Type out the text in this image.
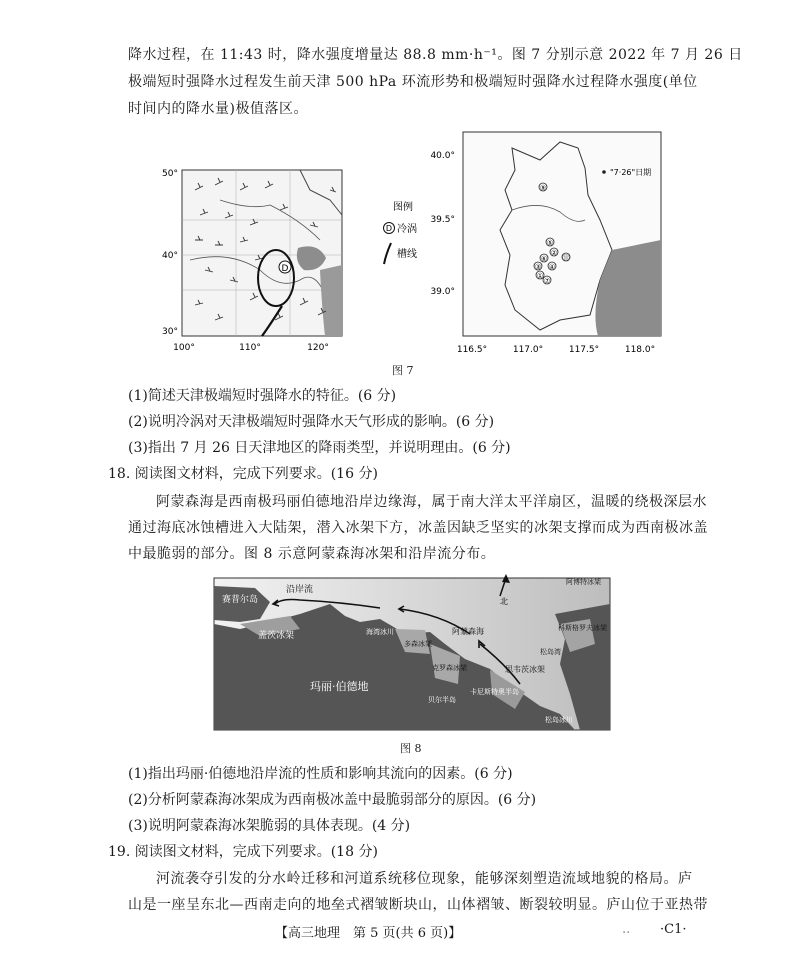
降水过程，在 11:43 时，降水强度增量达 88.8 mm·h⁻¹。图 7 分别示意 2022 年 7 月 26 日
极端短时强降水过程发生前天津 500 hPa 环流形势和极端短时强降水过程降水强度(单位
时间内的降水量)极值落区。
D
50°
40°
30°
100°	110°	120°
图例
D 冷涡
槽线
⑨
⑤
②
⑥
③ ④
①
⑦
⑪
"7·26"日期
40.0°
39.5°
39.0°
116.5°	117.0°	117.5°	118.0°
图 7
(1)简述天津极端短时强降水的特征。(6 分)
(2)说明冷涡对天津极端短时强降水天气形成的影响。(6 分)
(3)指出 7 月 26 日天津地区的降雨类型，并说明理由。(6 分)
18. 阅读图文材料，完成下列要求。(16 分)
阿蒙森海是西南极玛丽伯德地沿岸边缘海，属于南大洋太平洋扇区，温暖的绕极深层水
通过海底冰蚀槽进入大陆架，潜入冰架下方，冰盖因缺乏坚实的冰架支撑而成为西南极冰盖
中最脆弱的部分。图 8 示意阿蒙森海冰架和沿岸流分布。
北
赛普尔岛
盖茨冰架
玛丽·伯德地
沿岸流
多森冰架
克罗森冰架
阿蒙森海
思韦茨冰架
阿博特冰架
科斯格罗夫冰架
松岛湾
松岛冰川
卡尼斯特奥半岛
贝尔半岛
海湾冰川
图 8
(1)指出玛丽·伯德地沿岸流的性质和影响其流向的因素。(6 分)
(2)分析阿蒙森海冰架成为西南极冰盖中最脆弱部分的原因。(6 分)
(3)说明阿蒙森海冰架脆弱的具体表现。(4 分)
19. 阅读图文材料，完成下列要求。(18 分)
河流袭夺引发的分水岭迁移和河道系统移位现象，能够深刻塑造流域地貌的格局。庐
山是一座呈东北—西南走向的地垒式褶皱断块山，山体褶皱、断裂较明显。庐山位于亚热带
【高三地理　第 5 页(共 6 页)】	.. ·C1·
